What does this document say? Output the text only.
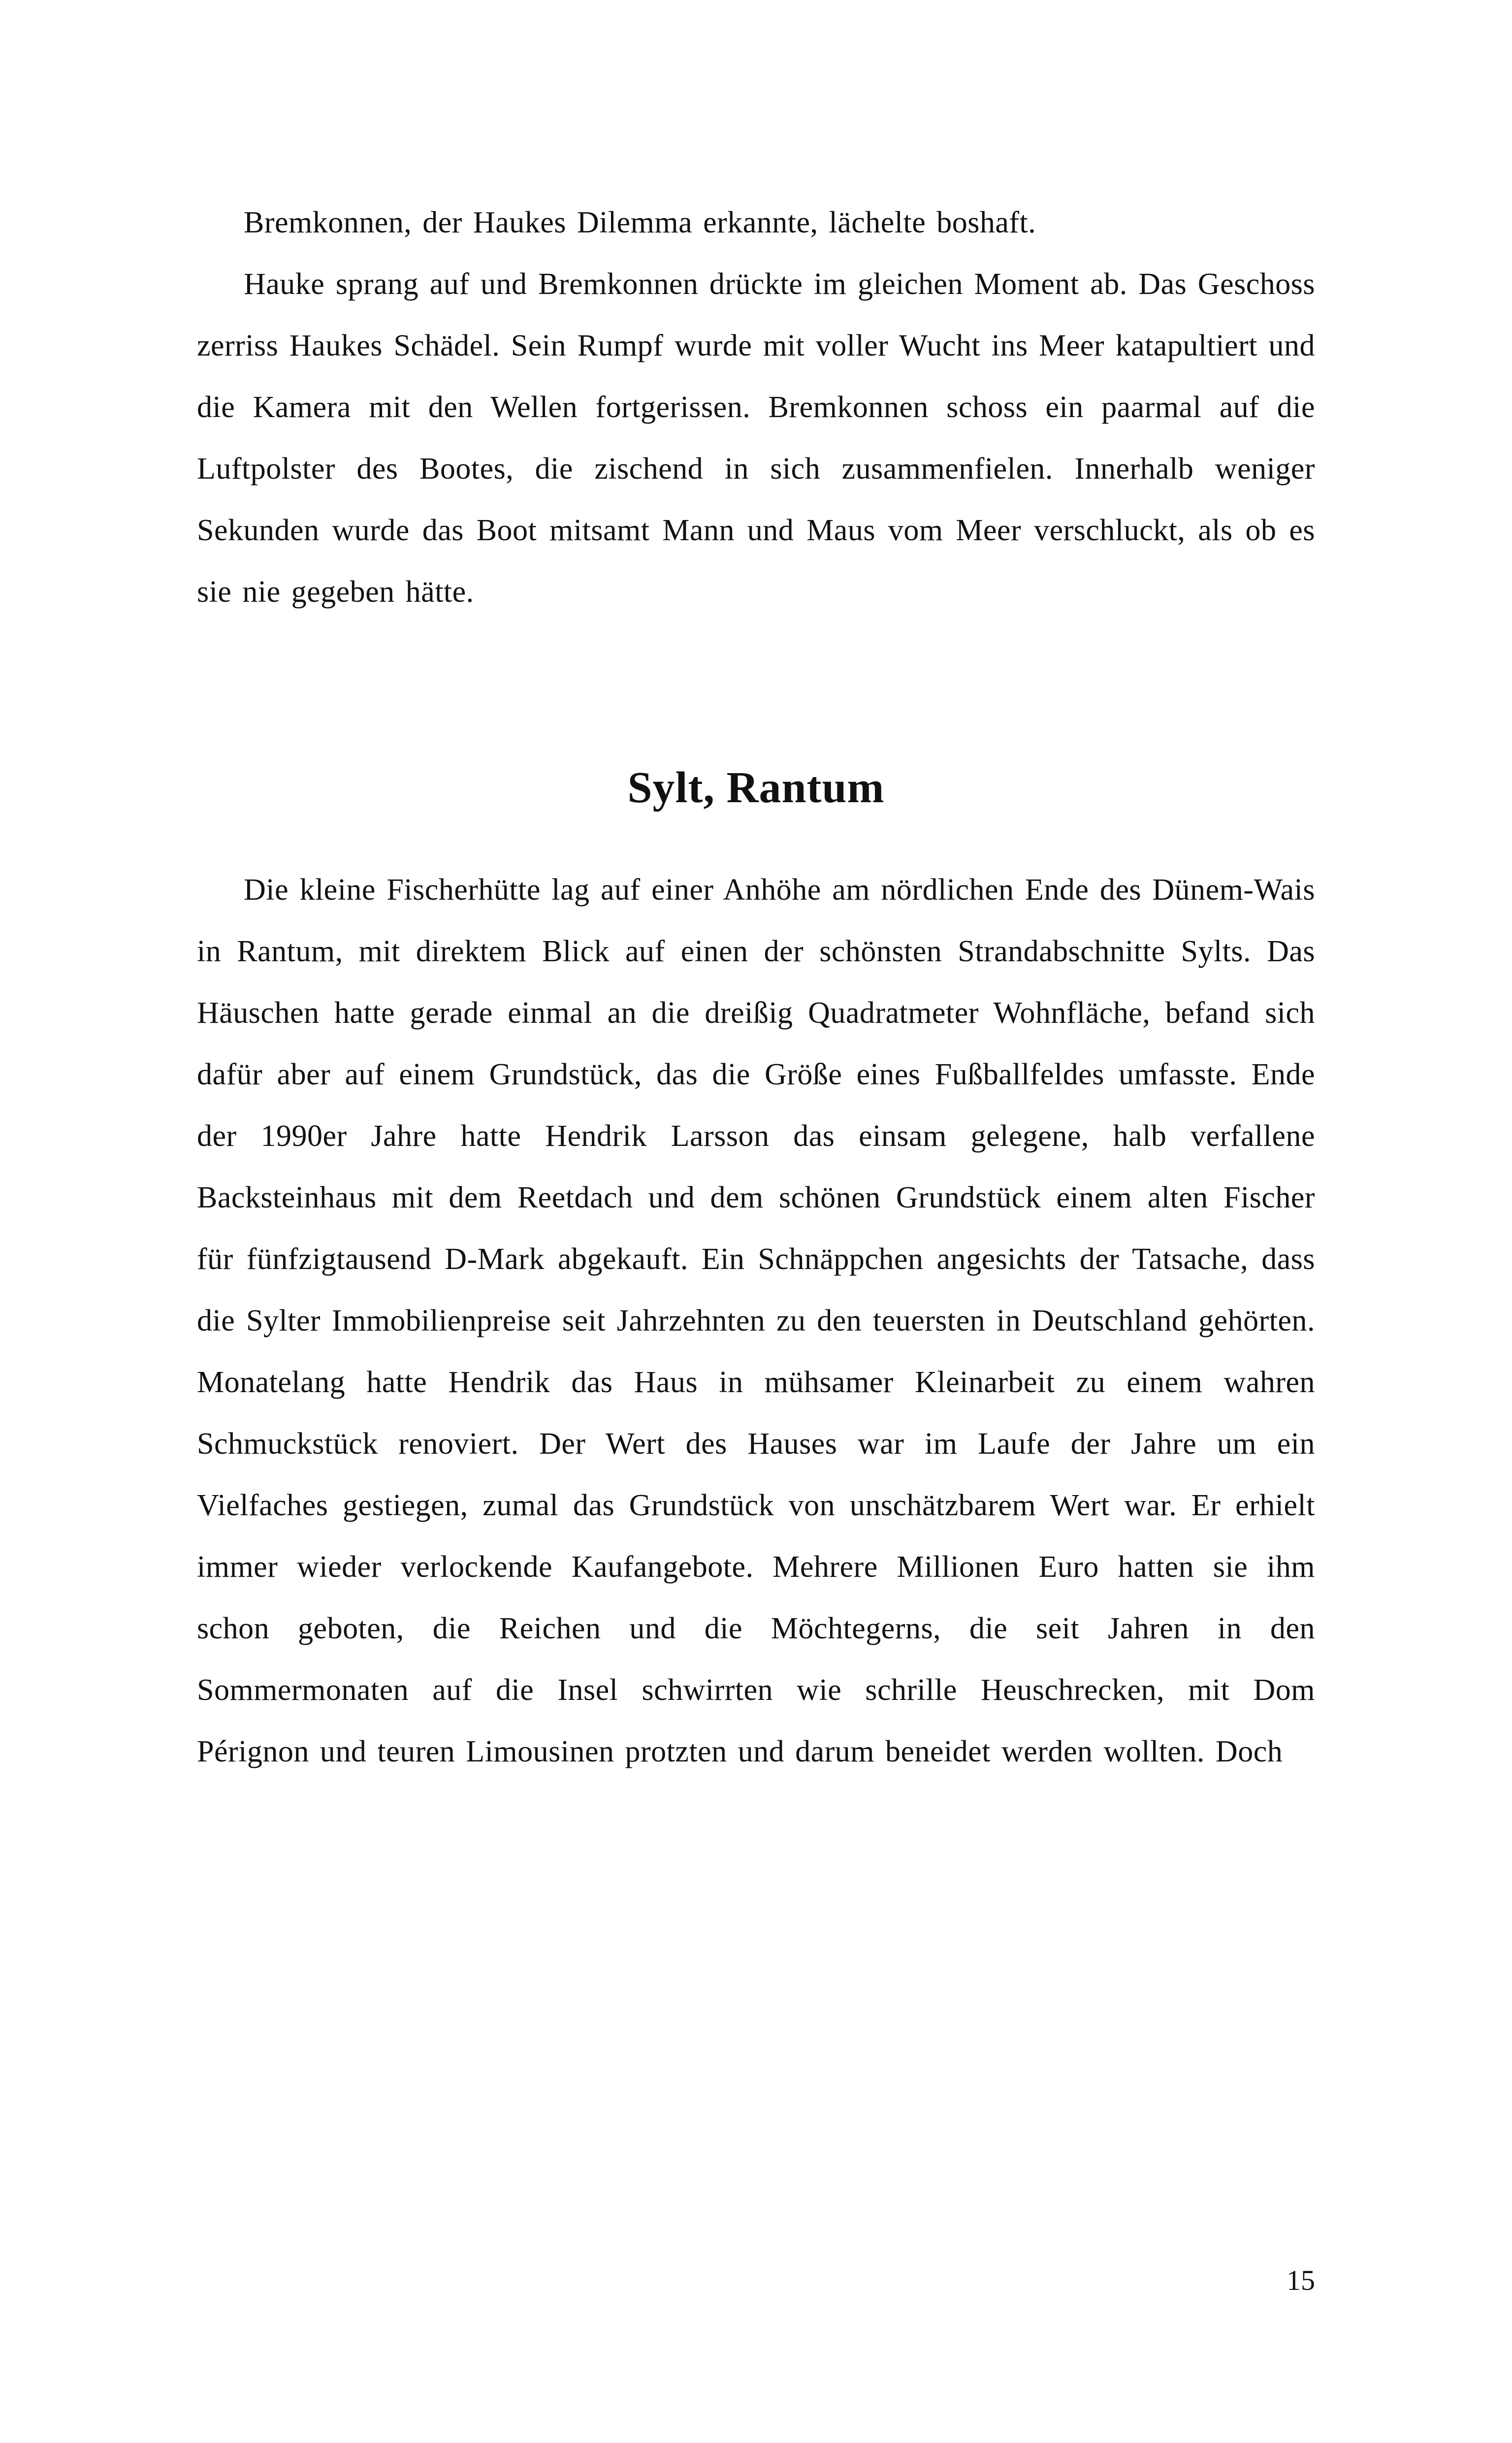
Bremkonnen, der Haukes Dilemma erkannte, lächelte boshaft.

Hauke sprang auf und Bremkonnen drückte im gleichen Moment ab. Das Geschoss zerriss Haukes Schädel. Sein Rumpf wurde mit voller Wucht ins Meer katapultiert und die Kamera mit den Wellen fortgerissen. Bremkonnen schoss ein paarmal auf die Luftpolster des Bootes, die zischend in sich zusammenfielen. Innerhalb weniger Sekunden wurde das Boot mitsamt Mann und Maus vom Meer verschluckt, als ob es sie nie gegeben hätte.

Sylt, Rantum

Die kleine Fischerhütte lag auf einer Anhöhe am nördlichen Ende des Dünem-Wais in Rantum, mit direktem Blick auf einen der schönsten Strandabschnitte Sylts. Das Häuschen hatte gerade einmal an die dreißig Quadratmeter Wohnfläche, befand sich dafür aber auf einem Grundstück, das die Größe eines Fußballfeldes umfasste. Ende der 1990er Jahre hatte Hendrik Larsson das einsam gelegene, halb verfallene Backsteinhaus mit dem Reetdach und dem schönen Grundstück einem alten Fischer für fünfzigtausend D-Mark abgekauft. Ein Schnäppchen angesichts der Tatsache, dass die Sylter Immobilienpreise seit Jahrzehnten zu den teuersten in Deutschland gehörten. Monatelang hatte Hendrik das Haus in mühsamer Kleinarbeit zu einem wahren Schmuckstück renoviert. Der Wert des Hauses war im Laufe der Jahre um ein Vielfaches gestiegen, zumal das Grundstück von unschätzbarem Wert war. Er erhielt immer wieder verlockende Kaufangebote. Mehrere Millionen Euro hatten sie ihm schon geboten, die Reichen und die Möchtegerns, die seit Jahren in den Sommermonaten auf die Insel schwirrten wie schrille Heuschrecken, mit Dom Pérignon und teuren Limousinen protzten und darum beneidet werden wollten. Doch

15
